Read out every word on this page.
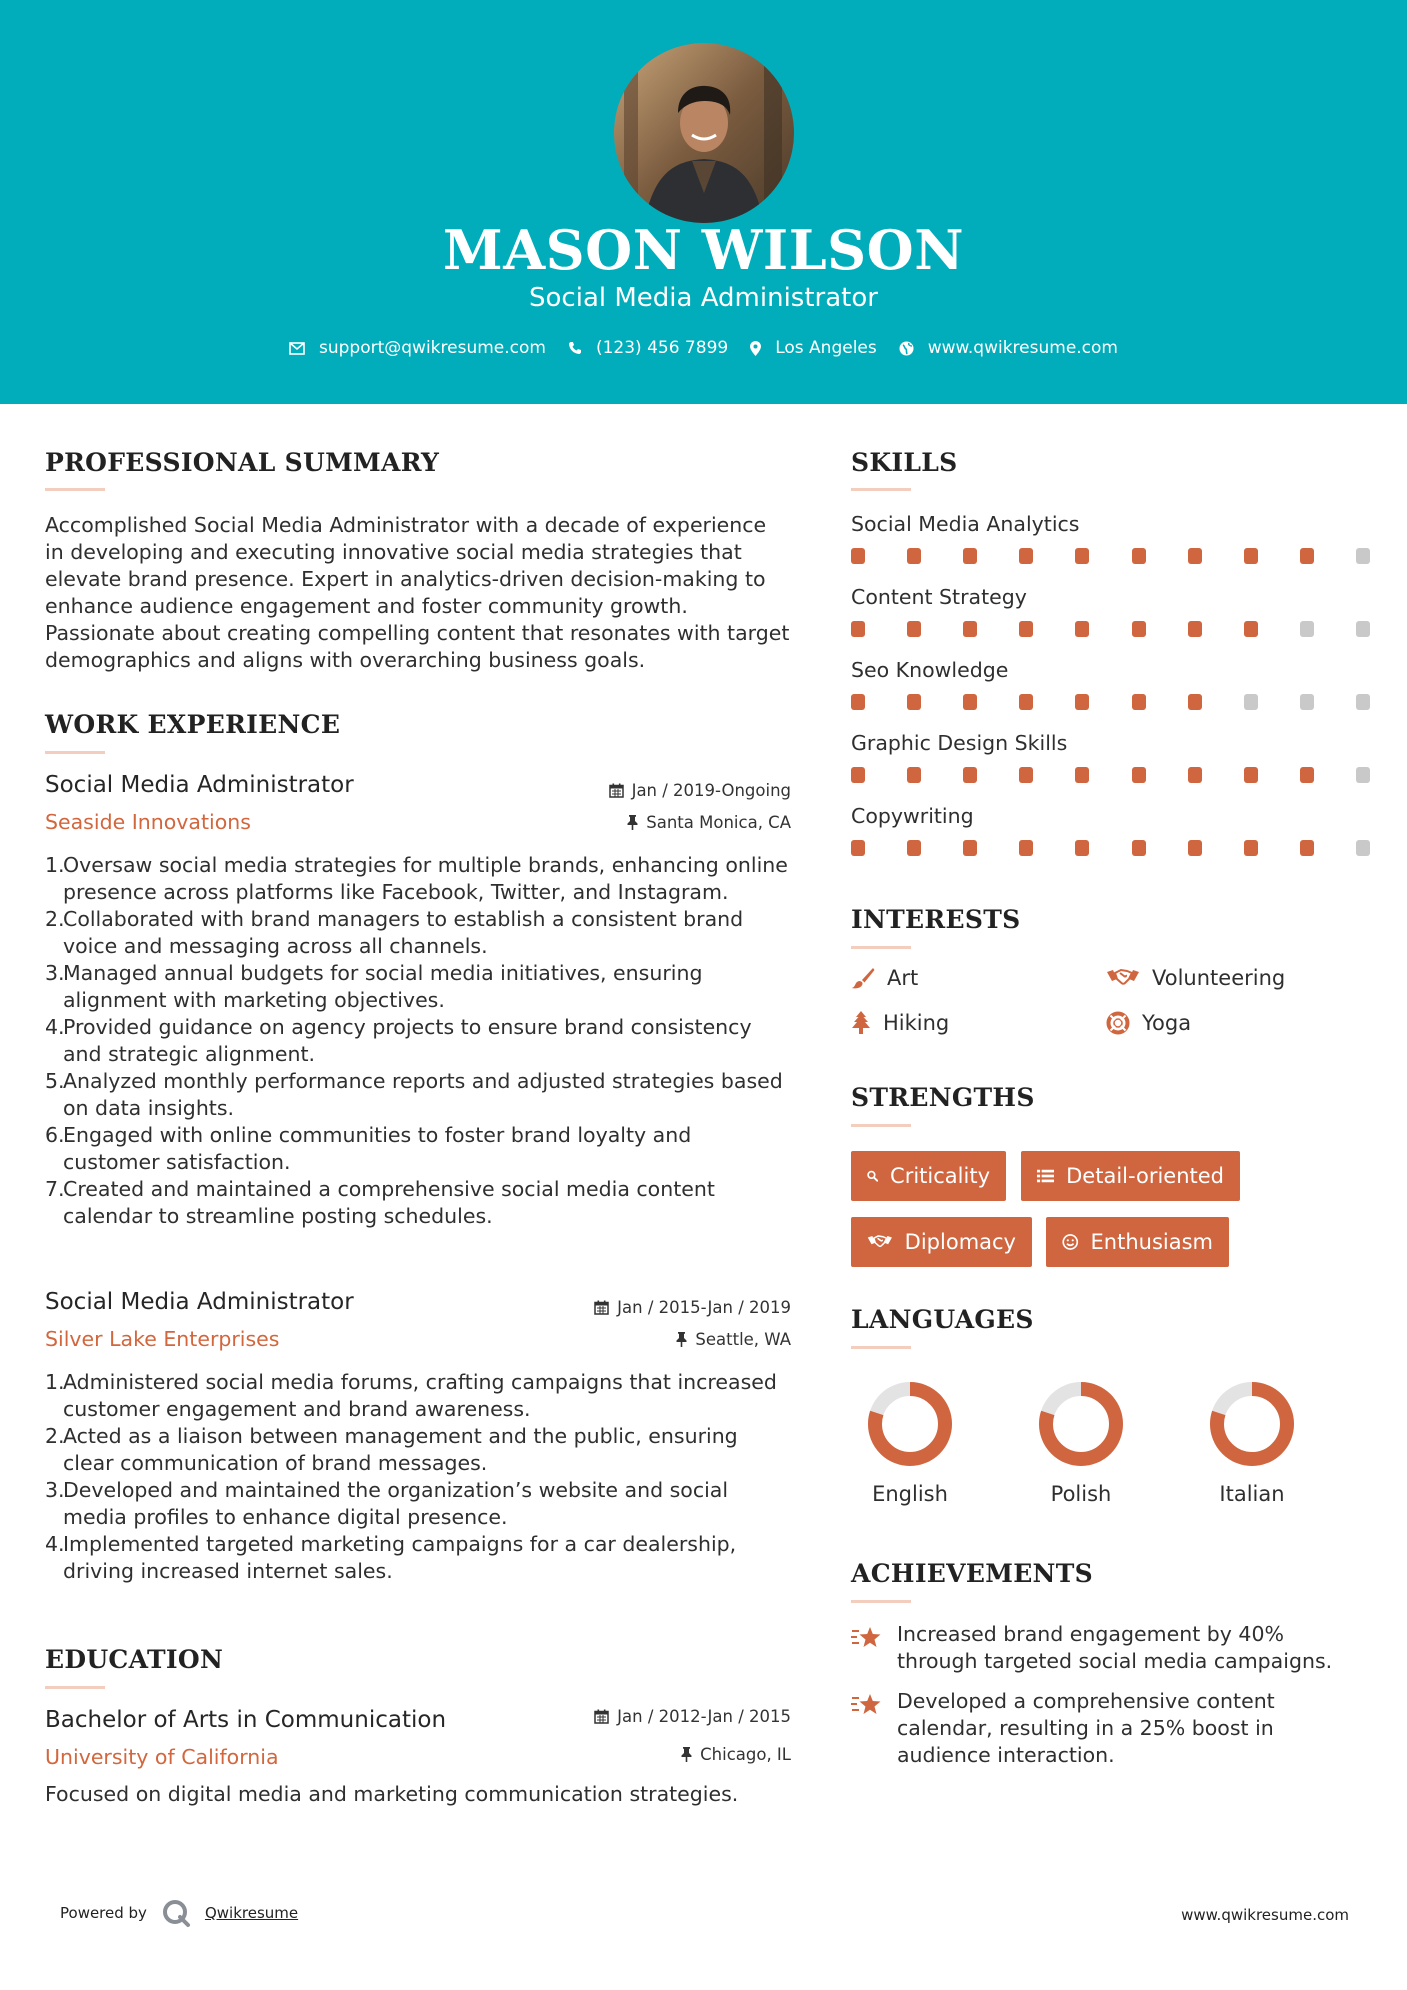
MASON WILSON
Social Media Administrator
support@qwikresume.com	(123) 456 7899	Los Angeles	www.qwikresume.com
PROFESSIONAL SUMMARY
Accomplished Social Media Administrator with a decade of experience in developing and executing innovative social media strategies that elevate brand presence. Expert in analytics-driven decision-making to enhance audience engagement and foster community growth. Passionate about creating compelling content that resonates with target demographics and aligns with overarching business goals.
WORK EXPERIENCE
Social Media Administrator
Seaside Innovations
Jan / 2019-Ongoing
Santa Monica, CA
Oversaw social media strategies for multiple brands, enhancing online presence across platforms like Facebook, Twitter, and Instagram.
Collaborated with brand managers to establish a consistent brand voice and messaging across all channels.
Managed annual budgets for social media initiatives, ensuring alignment with marketing objectives.
Provided guidance on agency projects to ensure brand consistency and strategic alignment.
Analyzed monthly performance reports and adjusted strategies based on data insights.
Engaged with online communities to foster brand loyalty and customer satisfaction.
Created and maintained a comprehensive social media content calendar to streamline posting schedules.
Social Media Administrator
Silver Lake Enterprises
Jan / 2015-Jan / 2019
Seattle, WA
Administered social media forums, crafting campaigns that increased customer engagement and brand awareness.
Acted as a liaison between management and the public, ensuring clear communication of brand messages.
Developed and maintained the organization’s website and social media profiles to enhance digital presence.
Implemented targeted marketing campaigns for a car dealership, driving increased internet sales.
EDUCATION
Bachelor of Arts in Communication
University of California
Jan / 2012-Jan / 2015
Chicago, IL
Focused on digital media and marketing communication strategies.
SKILLS
Social Media Analytics
Content Strategy
Seo Knowledge
Graphic Design Skills
Copywriting
INTERESTS
Art	Volunteering
Hiking	Yoga
STRENGTHS
Criticality	Detail-oriented
Diplomacy	Enthusiasm
LANGUAGES
English	Polish	Italian
ACHIEVEMENTS
Increased brand engagement by 40% through targeted social media campaigns.
Developed a comprehensive content calendar, resulting in a 25% boost in audience interaction.
Powered by	Qwikresume	www.qwikresume.com
